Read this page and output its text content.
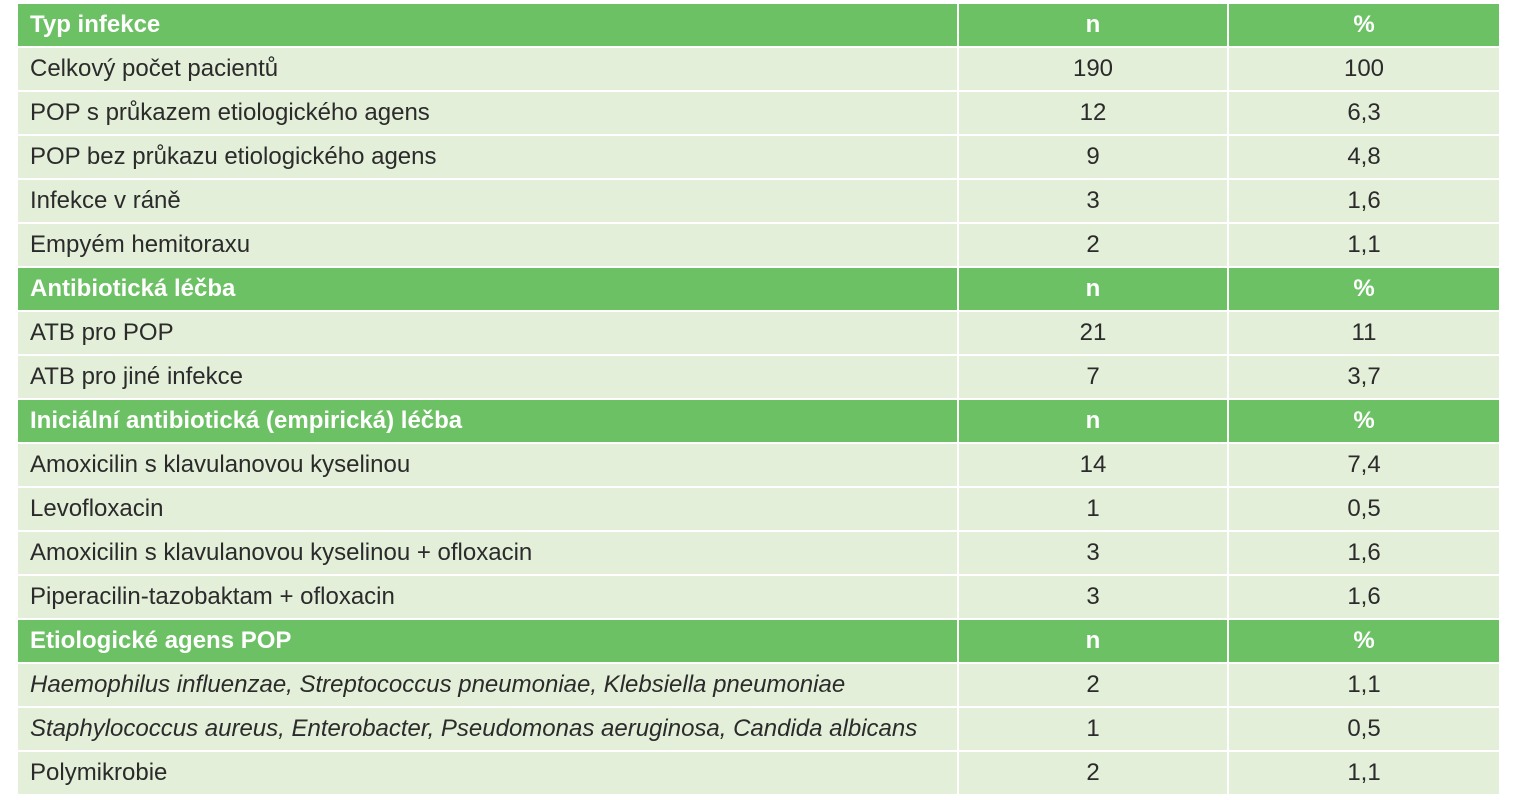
Typ infekce	n	%
Celkový počet pacientů	190	100
POP s průkazem etiologického agens	12	6,3
POP bez průkazu etiologického agens	9	4,8
Infekce v ráně	3	1,6
Empyém hemitoraxu	2	1,1
Antibiotická léčba	n	%
ATB pro POP	21	11
ATB pro jiné infekce	7	3,7
Iniciální antibiotická (empirická) léčba	n	%
Amoxicilin s klavulanovou kyselinou	14	7,4
Levofloxacin	1	0,5
Amoxicilin s klavulanovou kyselinou + ofloxacin	3	1,6
Piperacilin-tazobaktam + ofloxacin	3	1,6
Etiologické agens POP	n	%
Haemophilus influenzae, Streptococcus pneumoniae, Klebsiella pneumoniae	2	1,1
Staphylococcus aureus, Enterobacter, Pseudomonas aeruginosa, Candida albicans	1	0,5
Polymikrobie	2	1,1
